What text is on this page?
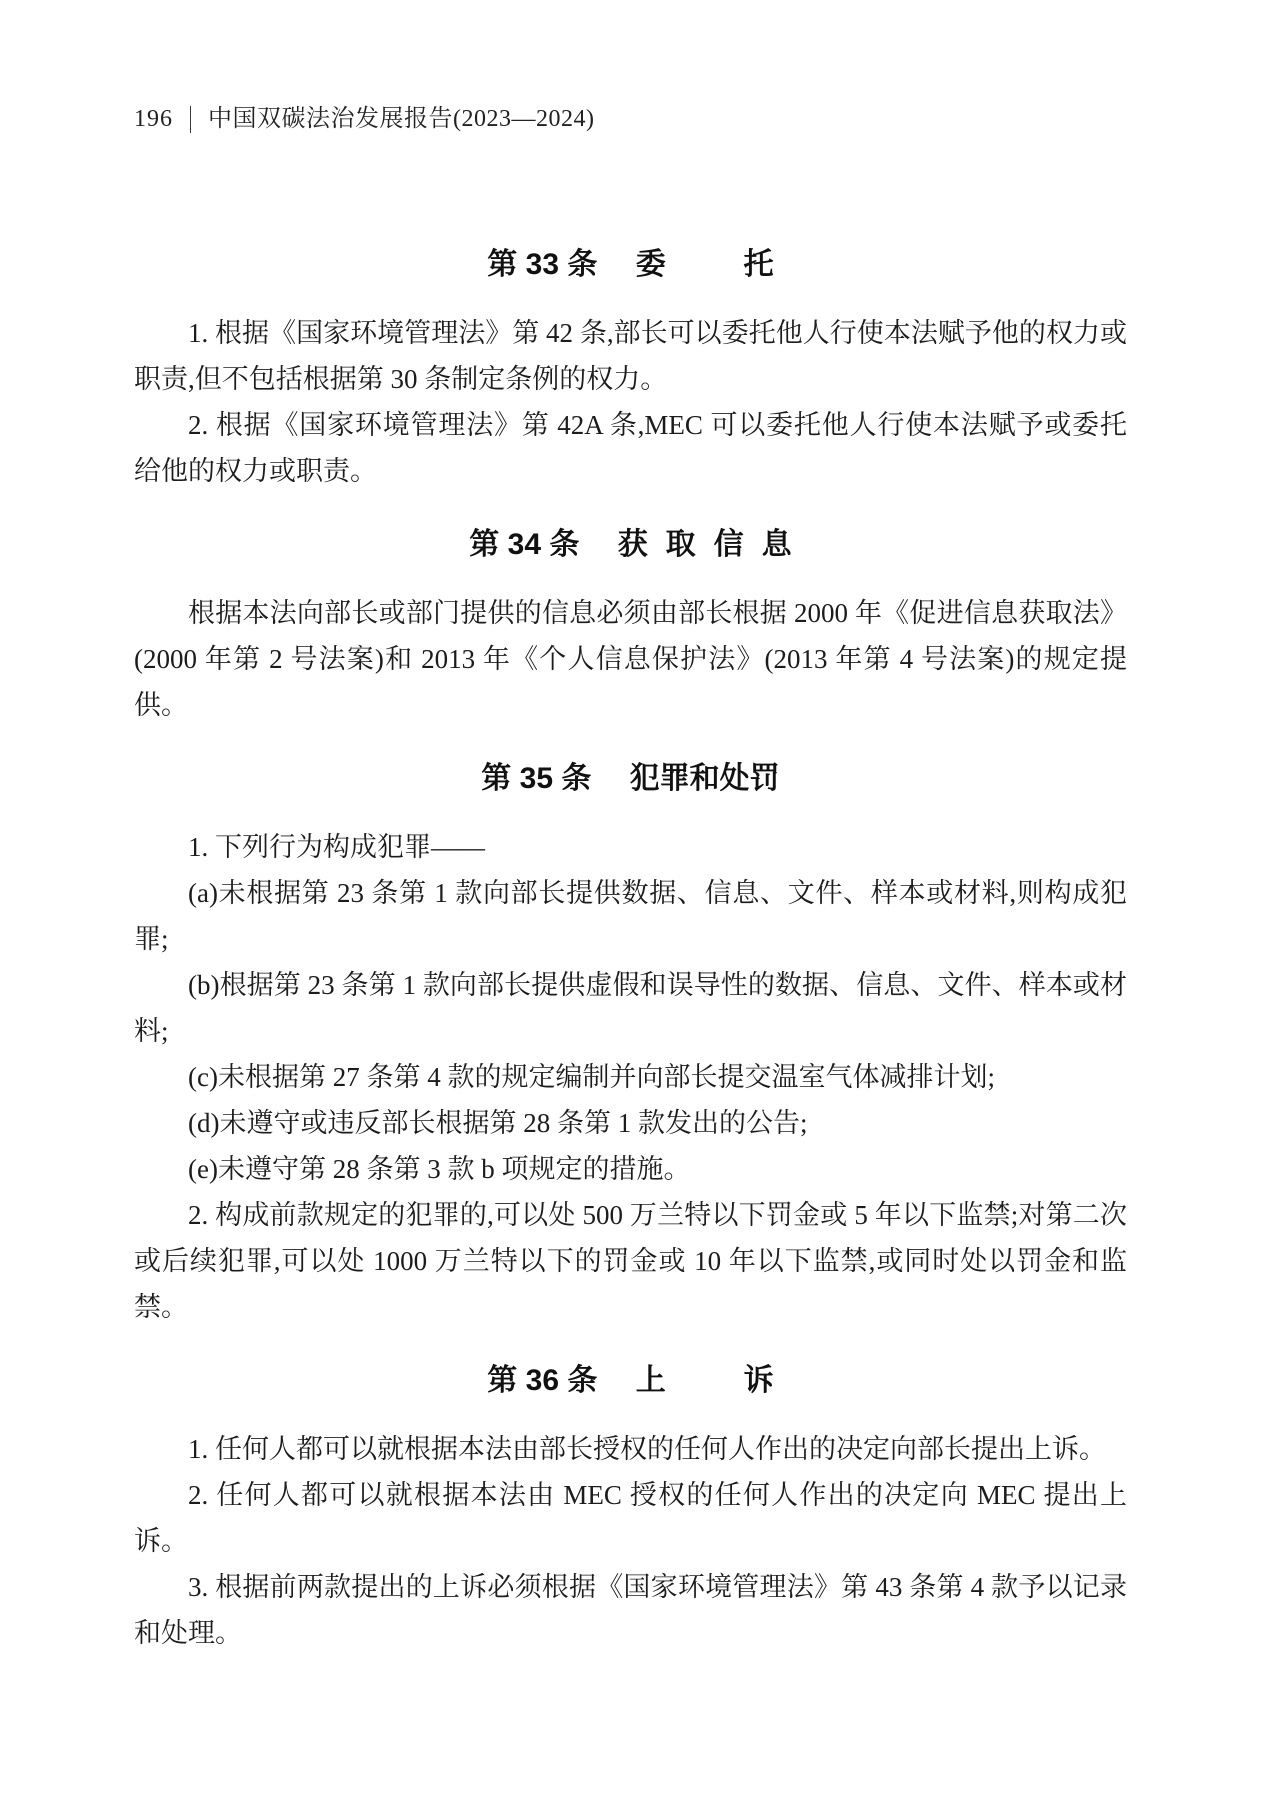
196 中国双碳法治发展报告(2023—2024)
第 33 条 委托

1. 根据《国家环境管理法》第 42 条,部长可以委托他人行使本法赋予他的权力或职责,但不包括根据第 30 条制定条例的权力。

2. 根据《国家环境管理法》第 42A 条,MEC 可以委托他人行使本法赋予或委托给他的权力或职责。

第 34 条 获取信息

根据本法向部长或部门提供的信息必须由部长根据 2000 年《促进信息获取法》(2000 年第 2 号法案)和 2013 年《个人信息保护法》(2013 年第 4 号法案)的规定提供。

第 35 条 犯罪和处罚

1. 下列行为构成犯罪——

(a)未根据第 23 条第 1 款向部长提供数据、信息、文件、样本或材料,则构成犯罪;

(b)根据第 23 条第 1 款向部长提供虚假和误导性的数据、信息、文件、样本或材料;

(c)未根据第 27 条第 4 款的规定编制并向部长提交温室气体减排计划;

(d)未遵守或违反部长根据第 28 条第 1 款发出的公告;

(e)未遵守第 28 条第 3 款 b 项规定的措施。

2. 构成前款规定的犯罪的,可以处 500 万兰特以下罚金或 5 年以下监禁;对第二次或后续犯罪,可以处 1000 万兰特以下的罚金或 10 年以下监禁,或同时处以罚金和监禁。

第 36 条 上诉

1. 任何人都可以就根据本法由部长授权的任何人作出的决定向部长提出上诉。

2. 任何人都可以就根据本法由 MEC 授权的任何人作出的决定向 MEC 提出上诉。

3. 根据前两款提出的上诉必须根据《国家环境管理法》第 43 条第 4 款予以记录和处理。
